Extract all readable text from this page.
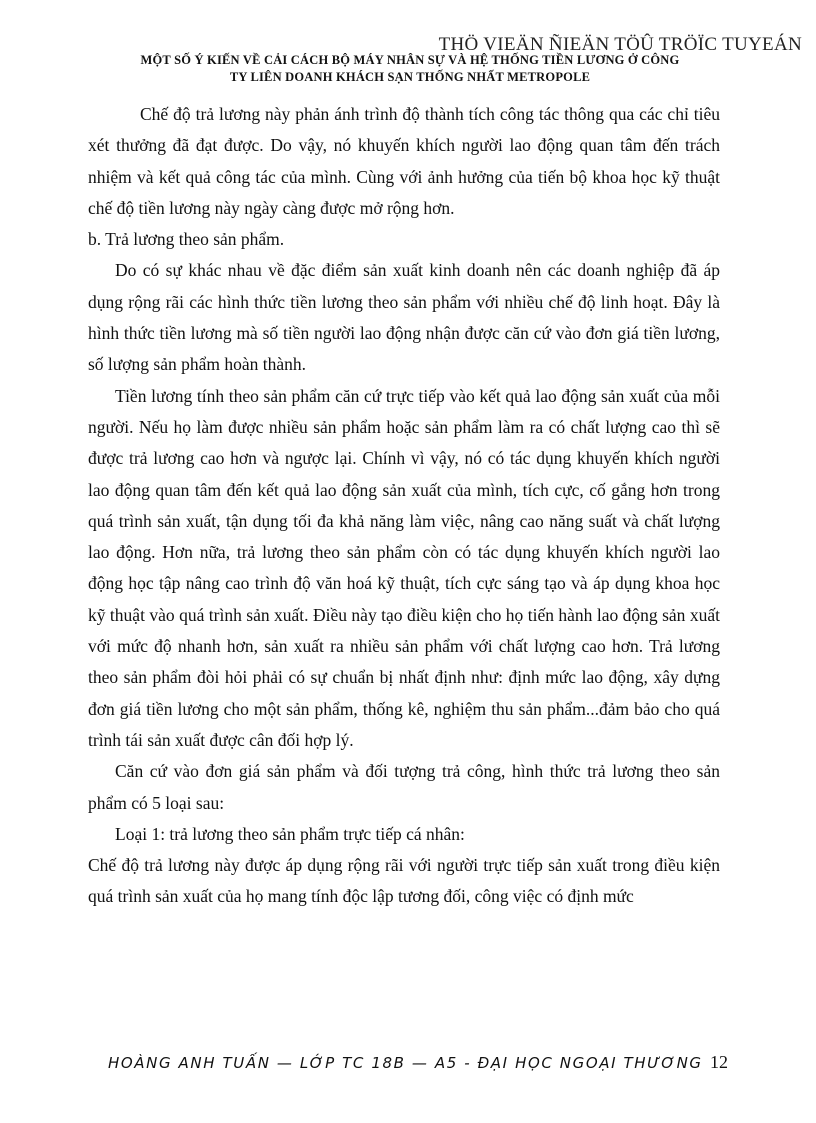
THÖ VIEÄN ÑIEÄN TÖÛ TRÖÏC TUYEÁN
MỘT SỐ Ý KIẾN VỀ CẢI CÁCH BỘ MÁY NHÂN SỰ VÀ HỆ THỐNG TIỀN LƯƠNG Ở CÔNG
TY LIÊN DOANH KHÁCH SẠN THỐNG NHẤT METROPOLE

Chế độ trả lương này phản ánh trình độ thành tích công tác thông qua các chỉ tiêu xét thưởng đã đạt được. Do vậy, nó khuyến khích người lao động quan tâm đến trách nhiệm và kết quả công tác của mình. Cùng với ảnh hưởng của tiến bộ khoa học kỹ thuật chế độ tiền lương này ngày càng được mở rộng hơn.

b. Trả lương theo sản phẩm.

Do có sự khác nhau về đặc điểm sản xuất kinh doanh nên các doanh nghiệp đã áp dụng rộng rãi các hình thức tiền lương theo sản phẩm với nhiều chế độ linh hoạt. Đây là hình thức tiền lương mà số tiền người lao động nhận được căn cứ vào đơn giá tiền lương, số lượng sản phẩm hoàn thành.

Tiền lương tính theo sản phẩm căn cứ trực tiếp vào kết quả lao động sản xuất của mỗi người. Nếu họ làm được nhiều sản phẩm hoặc sản phẩm làm ra có chất lượng cao thì sẽ được trả lương cao hơn và ngược lại. Chính vì vậy, nó có tác dụng khuyến khích người lao động quan tâm đến kết quả lao động sản xuất của mình, tích cực, cố gắng hơn trong quá trình sản xuất, tận dụng tối đa khả năng làm việc, nâng cao năng suất và chất lượng lao động. Hơn nữa, trả lương theo sản phẩm còn có tác dụng khuyến khích người lao động học tập nâng cao trình độ văn hoá kỹ thuật, tích cực sáng tạo và áp dụng khoa học kỹ thuật vào quá trình sản xuất. Điều này tạo điều kiện cho họ tiến hành lao động sản xuất với mức độ nhanh hơn, sản xuất ra nhiều sản phẩm với chất lượng cao hơn. Trả lương theo sản phẩm đòi hỏi phải có sự chuẩn bị nhất định như: định mức lao động, xây dựng đơn giá tiền lương cho một sản phẩm, thống kê, nghiệm thu sản phẩm...đảm bảo cho quá trình tái sản xuất được cân đối hợp lý.

Căn cứ vào đơn giá sản phẩm và đối tượng trả công, hình thức trả lương theo sản phẩm có 5 loại sau:

Loại 1: trả lương theo sản phẩm trực tiếp cá nhân:

Chế độ trả lương này được áp dụng rộng rãi với người trực tiếp sản xuất trong điều kiện quá trình sản xuất của họ mang tính độc lập tương đối, công việc có định mức

HOÀNG ANH TUẤN — LỚP TC 18B — A5 - ĐẠI HỌC NGOẠI THƯƠNG 12
